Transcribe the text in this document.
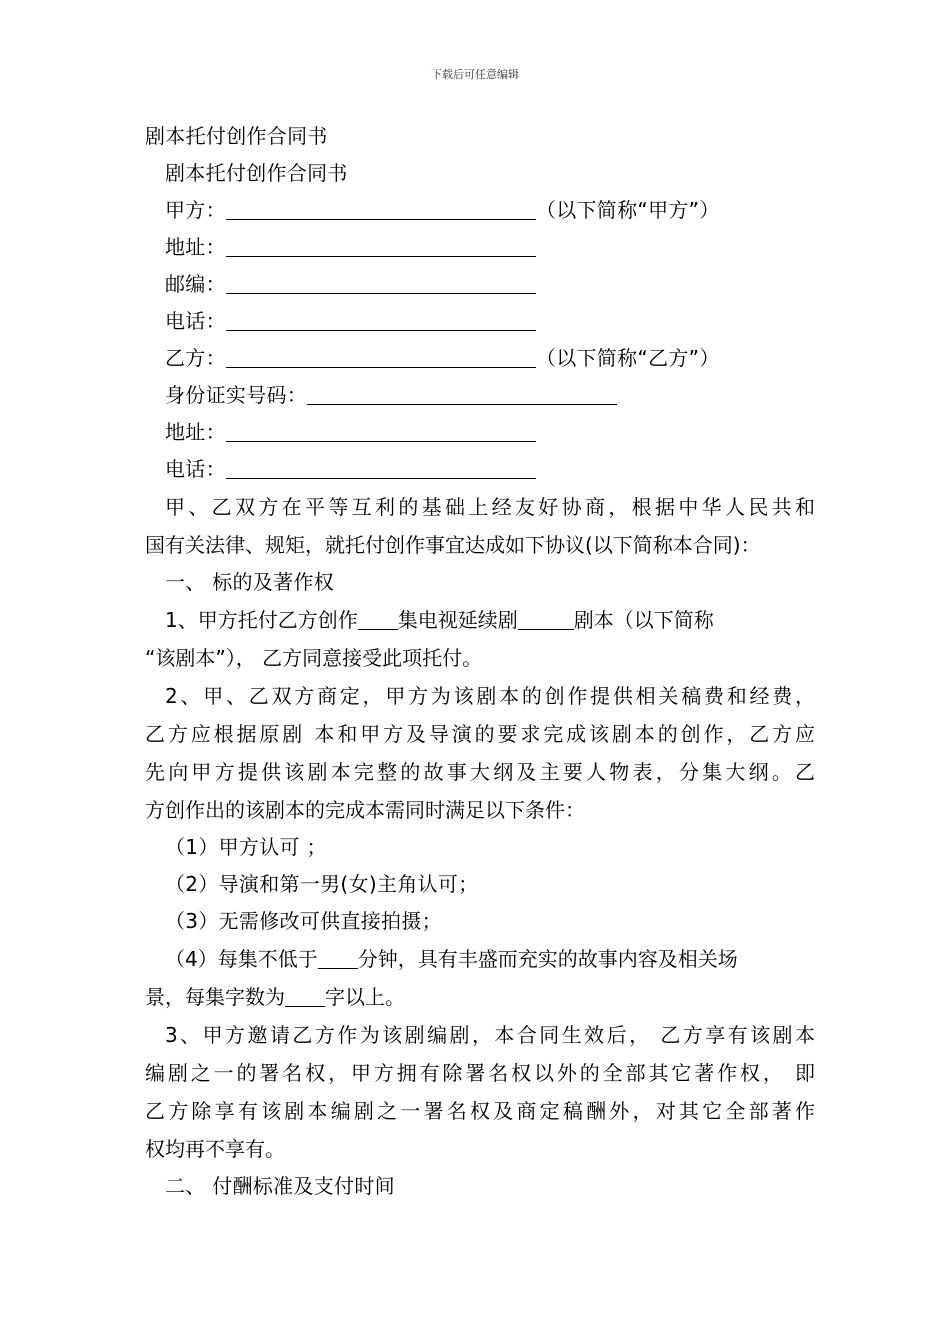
下载后可任意编辑
剧本托付创作合同书
剧本托付创作合同书
甲方：	（以下简称“甲方”）
地址：
邮编：
电话：
乙方：	（以下简称“乙方”）
身份证实号码：
地址：
电话：
甲、乙双方在平等互利的基础上经友好协商，根据中华人民共和
国有关法律、规矩，就托付创作事宜达成如下协议(以下简称本合同)：
一、 标的及著作权
1、甲方托付乙方创作 集电视延续剧	剧本（以下简称
“该剧本”）， 乙方同意接受此项托付。
2、甲、乙双方商定，甲方为该剧本的创作提供相关稿费和经费，
乙方应根据原剧 本和甲方及导演的要求完成该剧本的创作，乙方应
先向甲方提供该剧本完整的故事大纲及主要人物表，分集大纲。乙
方创作出的该剧本的完成本需同时满足以下条件：
（1）甲方认可 ；
（2）导演和第一男(女)主角认可；
（3）无需修改可供直接拍摄；
（4）每集不低于 分钟，具有丰盛而充实的故事内容及相关场
景，每集字数为 字以上。
3、甲方邀请乙方作为该剧编剧，本合同生效后， 乙方享有该剧本
编剧之一的署名权，甲方拥有除署名权以外的全部其它著作权， 即
乙方除享有该剧本编剧之一署名权及商定稿酬外，对其它全部著作
权均再不享有。
二、 付酬标准及支付时间
